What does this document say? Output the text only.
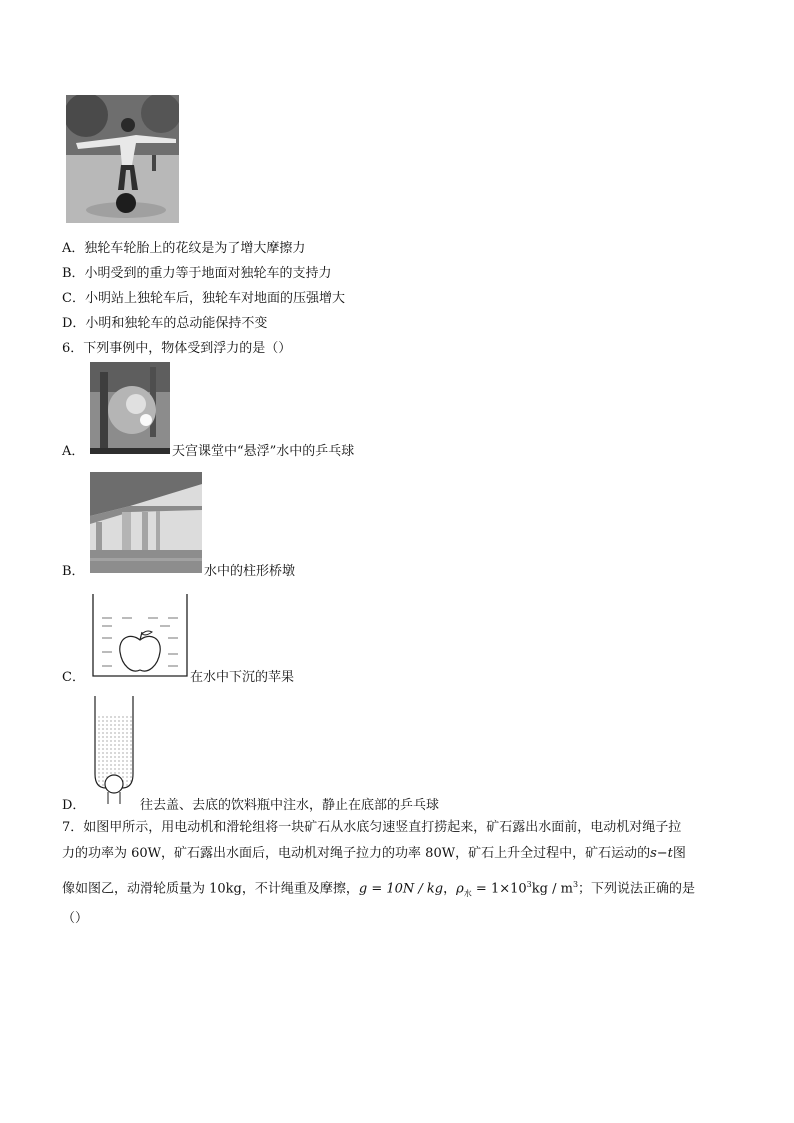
A．独轮车轮胎上的花纹是为了增大摩擦力
B．小明受到的重力等于地面对独轮车的支持力
C．小明站上独轮车后，独轮车对地面的压强增大
D．小明和独轮车的总动能保持不变
6．下列事例中，物体受到浮力的是（）
A．	天宫课堂中“悬浮”水中的乒乓球
B．	水中的柱形桥墩
C．	在水中下沉的苹果
D．	往去盖、去底的饮料瓶中注水，静止在底部的乒乓球
7．如图甲所示，用电动机和滑轮组将一块矿石从水底匀速竖直打捞起来，矿石露出水面前，电动机对绳子拉
力的功率为 60W，矿石露出水面后，电动机对绳子拉力的功率 80W，矿石上升全过程中，矿石运动的s−t图
像如图乙，动滑轮质量为 10kg，不计绳重及摩擦，g = 10N / kg，$\rho_水 = 1\times 10^3kg / m^3$；下列说法正确的是
（）
